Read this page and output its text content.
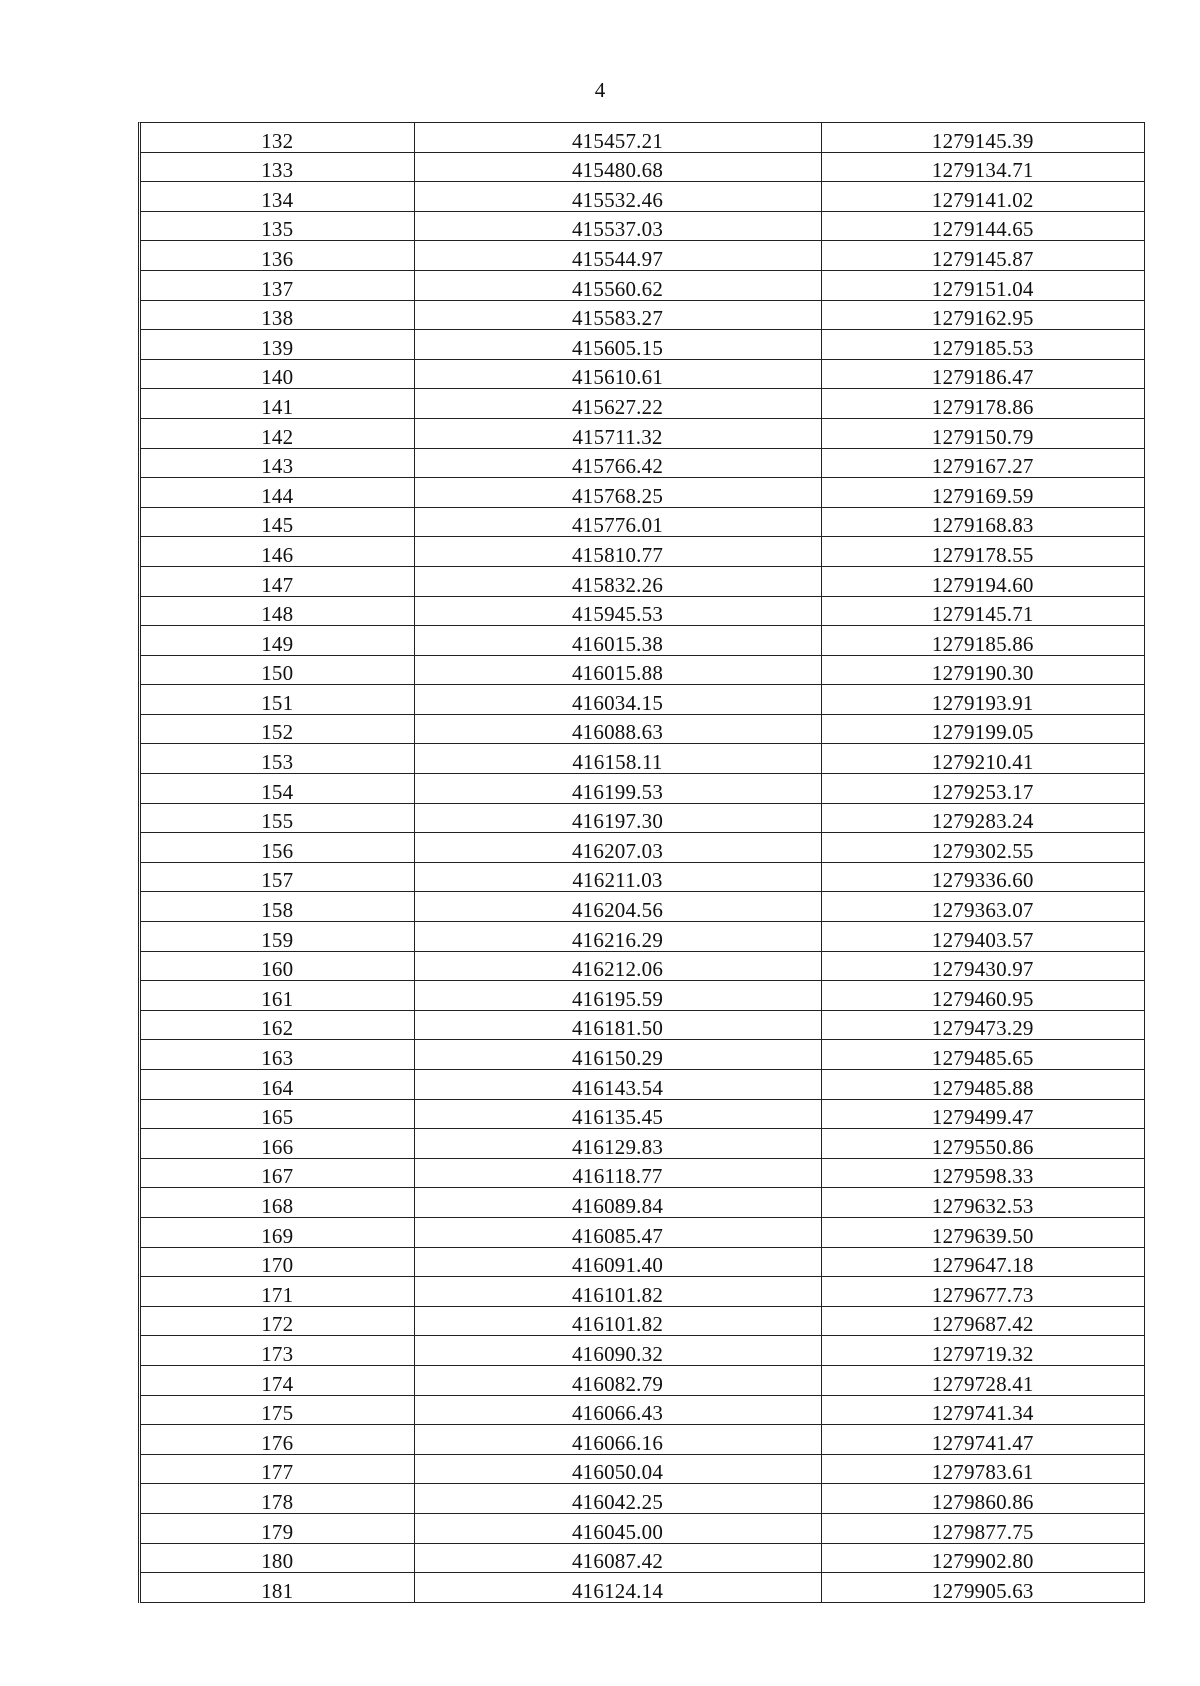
4
132	415457.21	1279145.39
133	415480.68	1279134.71
134	415532.46	1279141.02
135	415537.03	1279144.65
136	415544.97	1279145.87
137	415560.62	1279151.04
138	415583.27	1279162.95
139	415605.15	1279185.53
140	415610.61	1279186.47
141	415627.22	1279178.86
142	415711.32	1279150.79
143	415766.42	1279167.27
144	415768.25	1279169.59
145	415776.01	1279168.83
146	415810.77	1279178.55
147	415832.26	1279194.60
148	415945.53	1279145.71
149	416015.38	1279185.86
150	416015.88	1279190.30
151	416034.15	1279193.91
152	416088.63	1279199.05
153	416158.11	1279210.41
154	416199.53	1279253.17
155	416197.30	1279283.24
156	416207.03	1279302.55
157	416211.03	1279336.60
158	416204.56	1279363.07
159	416216.29	1279403.57
160	416212.06	1279430.97
161	416195.59	1279460.95
162	416181.50	1279473.29
163	416150.29	1279485.65
164	416143.54	1279485.88
165	416135.45	1279499.47
166	416129.83	1279550.86
167	416118.77	1279598.33
168	416089.84	1279632.53
169	416085.47	1279639.50
170	416091.40	1279647.18
171	416101.82	1279677.73
172	416101.82	1279687.42
173	416090.32	1279719.32
174	416082.79	1279728.41
175	416066.43	1279741.34
176	416066.16	1279741.47
177	416050.04	1279783.61
178	416042.25	1279860.86
179	416045.00	1279877.75
180	416087.42	1279902.80
181	416124.14	1279905.63
